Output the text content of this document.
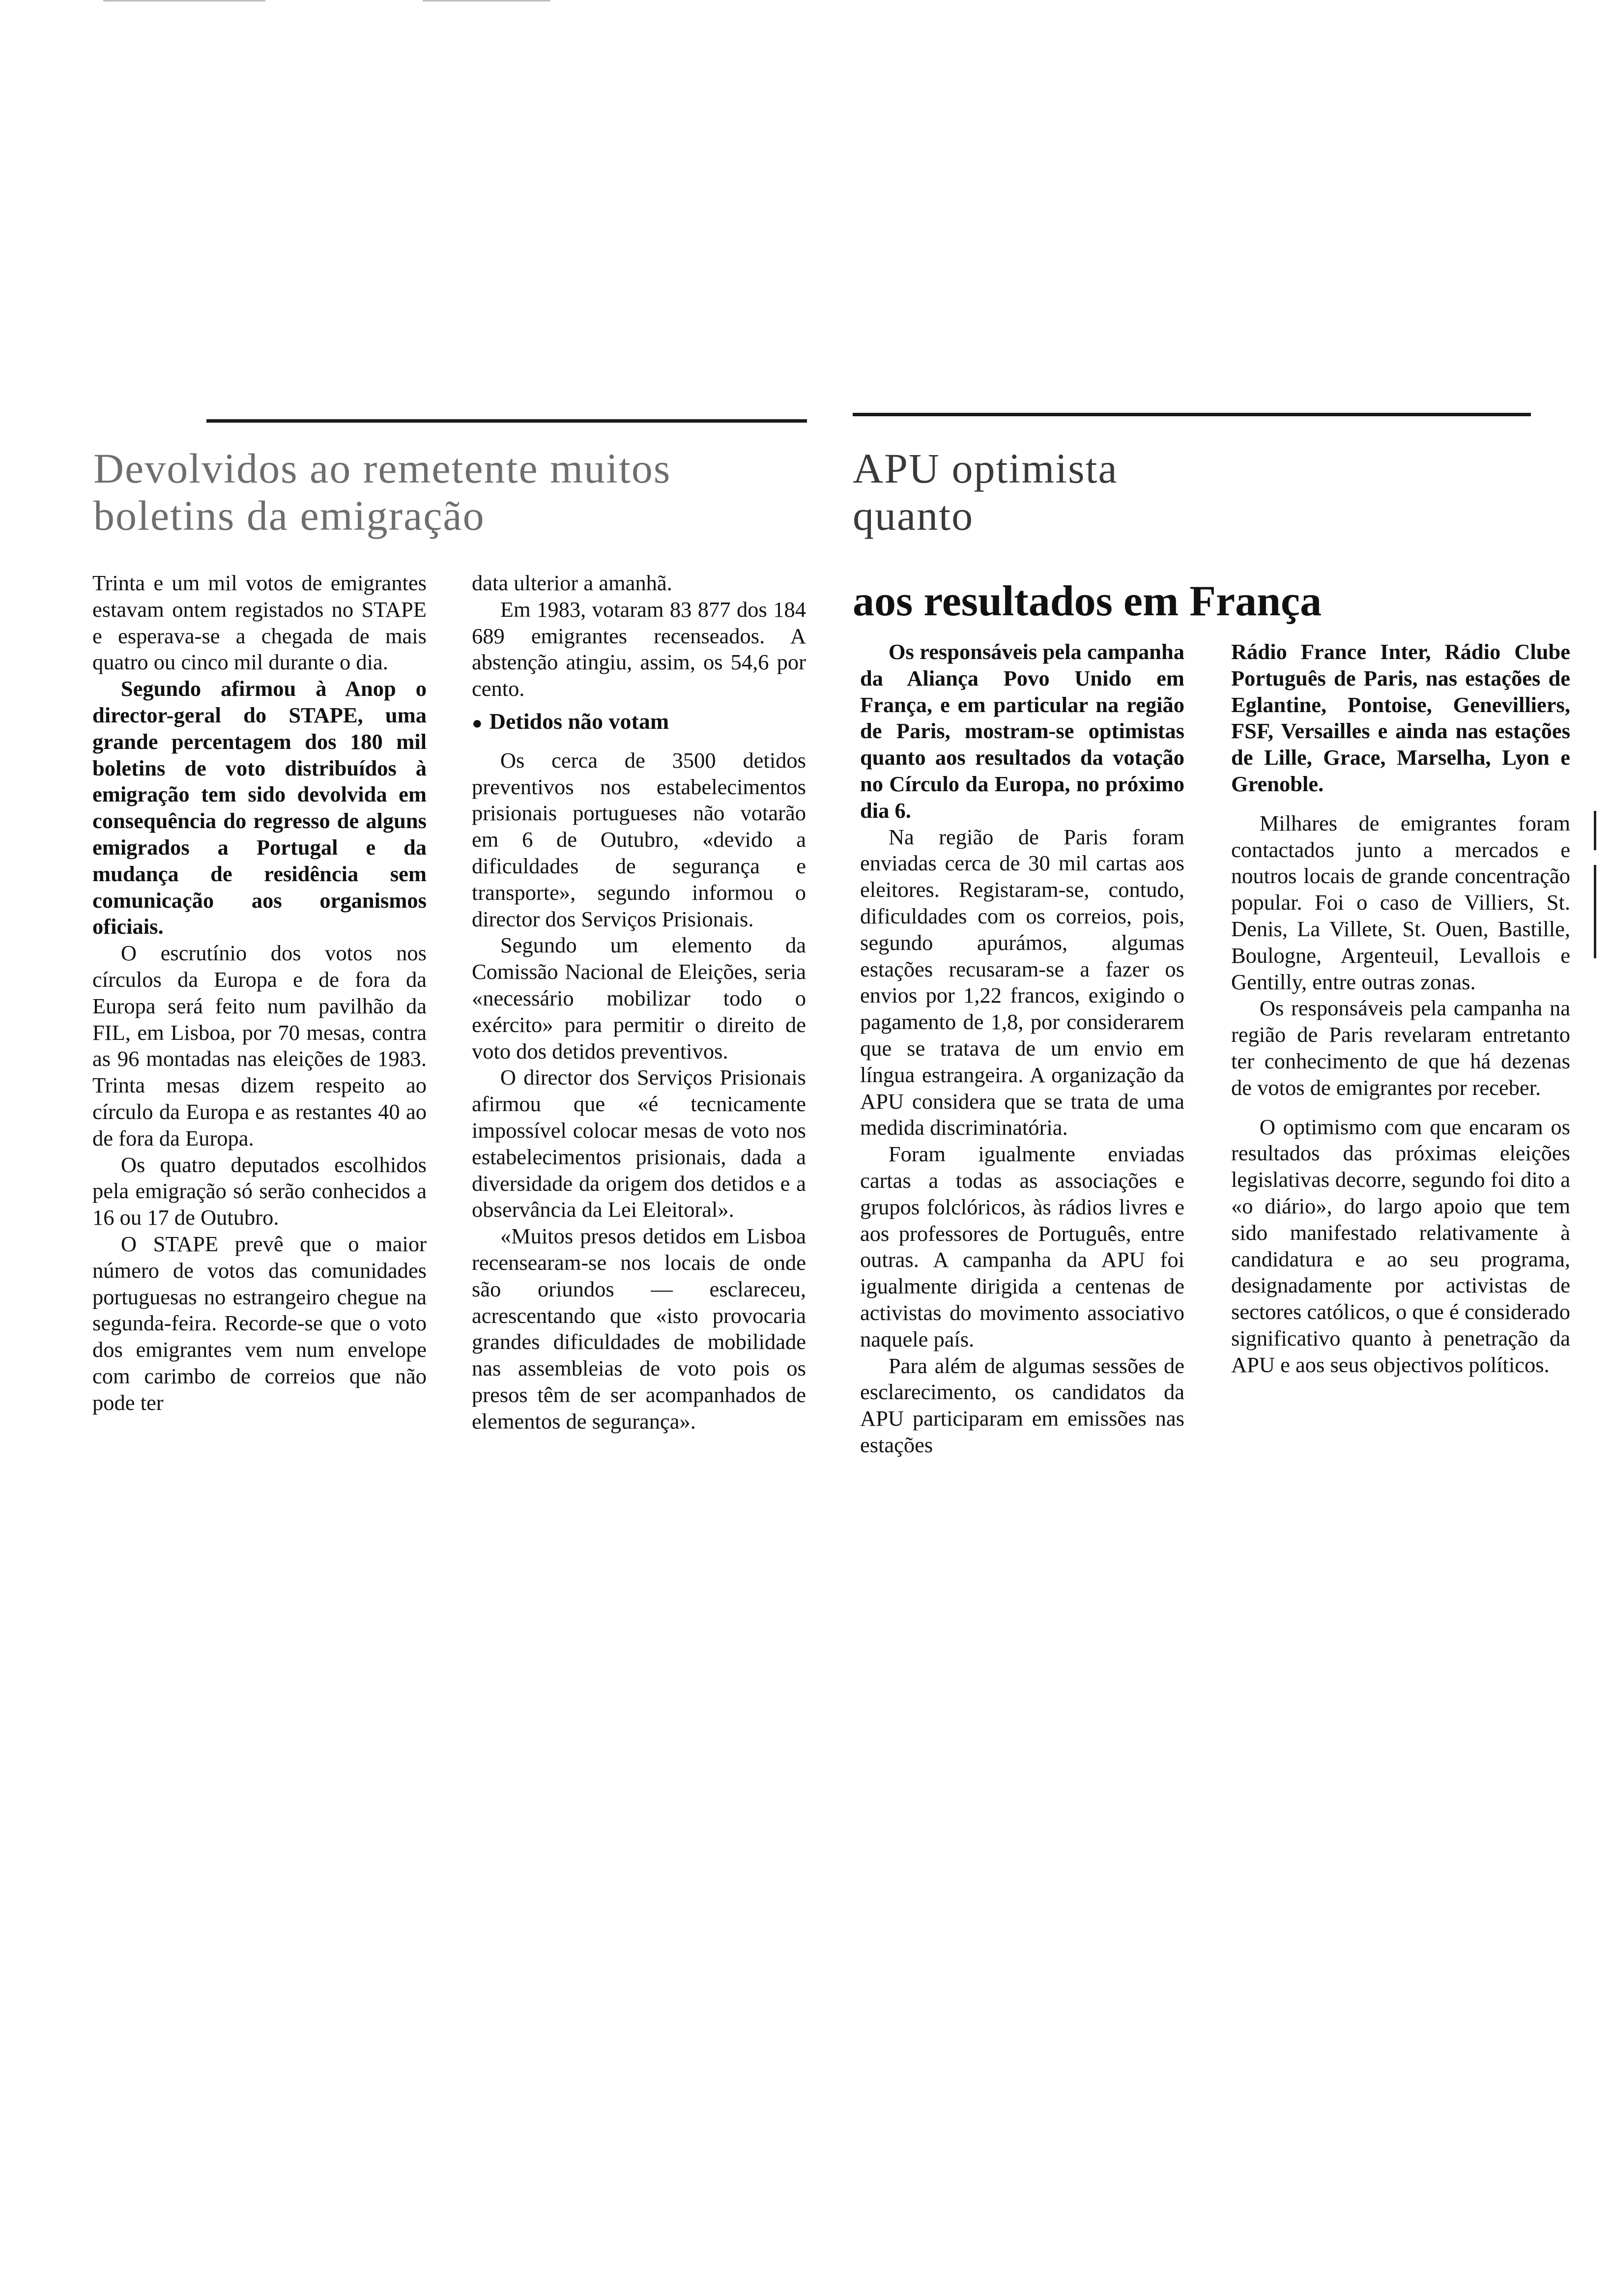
Devolvidos ao remetente muitos boletins da emigração

Trinta e um mil votos de emigrantes estavam ontem registados no STAPE e esperava-se a chegada de mais quatro ou cinco mil durante o dia.

Segundo afirmou à Anop o director-geral do STAPE, uma grande percentagem dos 180 mil boletins de voto distribuídos à emigração tem sido devolvida em consequência do regresso de alguns emigrados a Portugal e da mudança de residência sem comunicação aos organismos oficiais.

O escrutínio dos votos nos círculos da Europa e de fora da Europa será feito num pavilhão da FIL, em Lisboa, por 70 mesas, contra as 96 montadas nas eleições de 1983. Trinta mesas dizem respeito ao círculo da Europa e as restantes 40 ao de fora da Europa.

Os quatro deputados escolhidos pela emigração só serão conhecidos a 16 ou 17 de Outubro.

O STAPE prevê que o maior número de votos das comunidades portuguesas no estrangeiro chegue na segunda-feira. Recorde-se que o voto dos emigrantes vem num envelope com carimbo de correios que não pode ter

data ulterior a amanhã.

Em 1983, votaram 83 877 dos 184 689 emigrantes recenseados. A abstenção atingiu, assim, os 54,6 por cento.

● Detidos não votam

Os cerca de 3500 detidos preventivos nos estabelecimentos prisionais portugueses não votarão em 6 de Outubro, «devido a dificuldades de segurança e transporte», segundo informou o director dos Serviços Prisionais.

Segundo um elemento da Comissão Nacional de Eleições, seria «necessário mobilizar todo o exército» para permitir o direito de voto dos detidos preventivos.

O director dos Serviços Prisionais afirmou que «é tecnicamente impossível colocar mesas de voto nos estabelecimentos prisionais, dada a diversidade da origem dos detidos e a observância da Lei Eleitoral».

«Muitos presos detidos em Lisboa recensearam-se nos locais de onde são oriundos — esclareceu, acrescentando que «isto provocaria grandes dificuldades de mobilidade nas assembleias de voto pois os presos têm de ser acompanhados de elementos de segurança».

APU optimista
quanto
aos resultados em França

Os responsáveis pela campanha da Aliança Povo Unido em França, e em particular na região de Paris, mostram-se optimistas quanto aos resultados da votação no Círculo da Europa, no próximo dia 6.

Na região de Paris foram enviadas cerca de 30 mil cartas aos eleitores. Registaram-se, contudo, dificuldades com os correios, pois, segundo apurámos, algumas estações recusaram-se a fazer os envios por 1,22 francos, exigindo o pagamento de 1,8, por considerarem que se tratava de um envio em língua estrangeira. A organização da APU considera que se trata de uma medida discriminatória.

Foram igualmente enviadas cartas a todas as associações e grupos folclóricos, às rádios livres e aos professores de Português, entre outras. A campanha da APU foi igualmente dirigida a centenas de activistas do movimento associativo naquele país.

Para além de algumas sessões de esclarecimento, os candidatos da APU participaram em emissões nas estações

Rádio France Inter, Rádio Clube Português de Paris, nas estações de Eglantine, Pontoise, Genevilliers, FSF, Versailles e ainda nas estações de Lille, Grace, Marselha, Lyon e Grenoble.

Milhares de emigrantes foram contactados junto a mercados e noutros locais de grande concentração popular. Foi o caso de Villiers, St. Denis, La Villete, St. Ouen, Bastille, Boulogne, Argenteuil, Levallois e Gentilly, entre outras zonas.

Os responsáveis pela campanha na região de Paris revelaram entretanto ter conhecimento de que há dezenas de votos de emigrantes por receber.

O optimismo com que encaram os resultados das próximas eleições legislativas decorre, segundo foi dito a «o diário», do largo apoio que tem sido manifestado relativamente à candidatura e ao seu programa, designadamente por activistas de sectores católicos, o que é considerado significativo quanto à penetração da APU e aos seus objectivos políticos.
